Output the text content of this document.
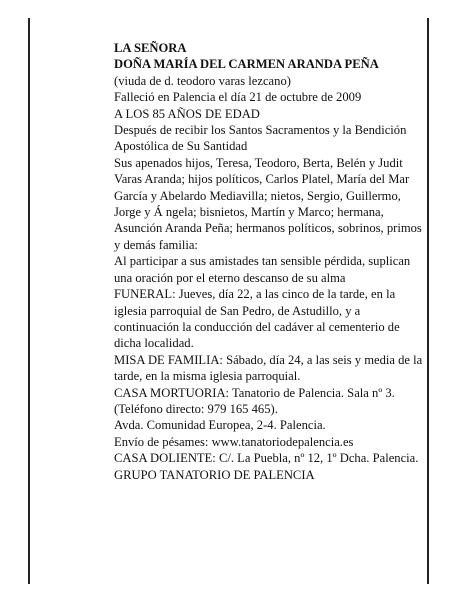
LA SEÑORA

DOÑA MARÍA DEL CARMEN ARANDA PEÑA

(viuda de d. teodoro varas lezcano)

Falleció en Palencia el día 21 de octubre de 2009

A LOS 85 AÑOS DE EDAD

Después de recibir los Santos Sacramentos y la Bendición Apostólica de Su Santidad

Sus apenados hijos, Teresa, Teodoro, Berta, Belén y Judit Varas Aranda; hijos políticos, Carlos Platel, María del Mar García y Abelardo Mediavilla; nietos, Sergio, Guillermo, Jorge y Á ngela; bisnietos, Martín y Marco; hermana, Asunción Aranda Peña; hermanos políticos, sobrinos, primos y demás familia:

Al participar a sus amistades tan sensible pérdida, suplican una oración por el eterno descanso de su alma

FUNERAL: Jueves, día 22, a las cinco de la tarde, en la iglesia parroquial de San Pedro, de Astudillo, y a continuación la conducción del cadáver al cementerio de dicha localidad.

MISA DE FAMILIA: Sábado, día 24, a las seis y media de la tarde, en la misma iglesia parroquial.

CASA MORTUORIA: Tanatorio de Palencia. Sala nº 3. (Teléfono directo: 979 165 465).

Avda. Comunidad Europea, 2-4. Palencia.

Envío de pésames: www.tanatoriodepalencia.es

CASA DOLIENTE: C/. La Puebla, nº 12, 1º Dcha. Palencia.

GRUPO TANATORIO DE PALENCIA
